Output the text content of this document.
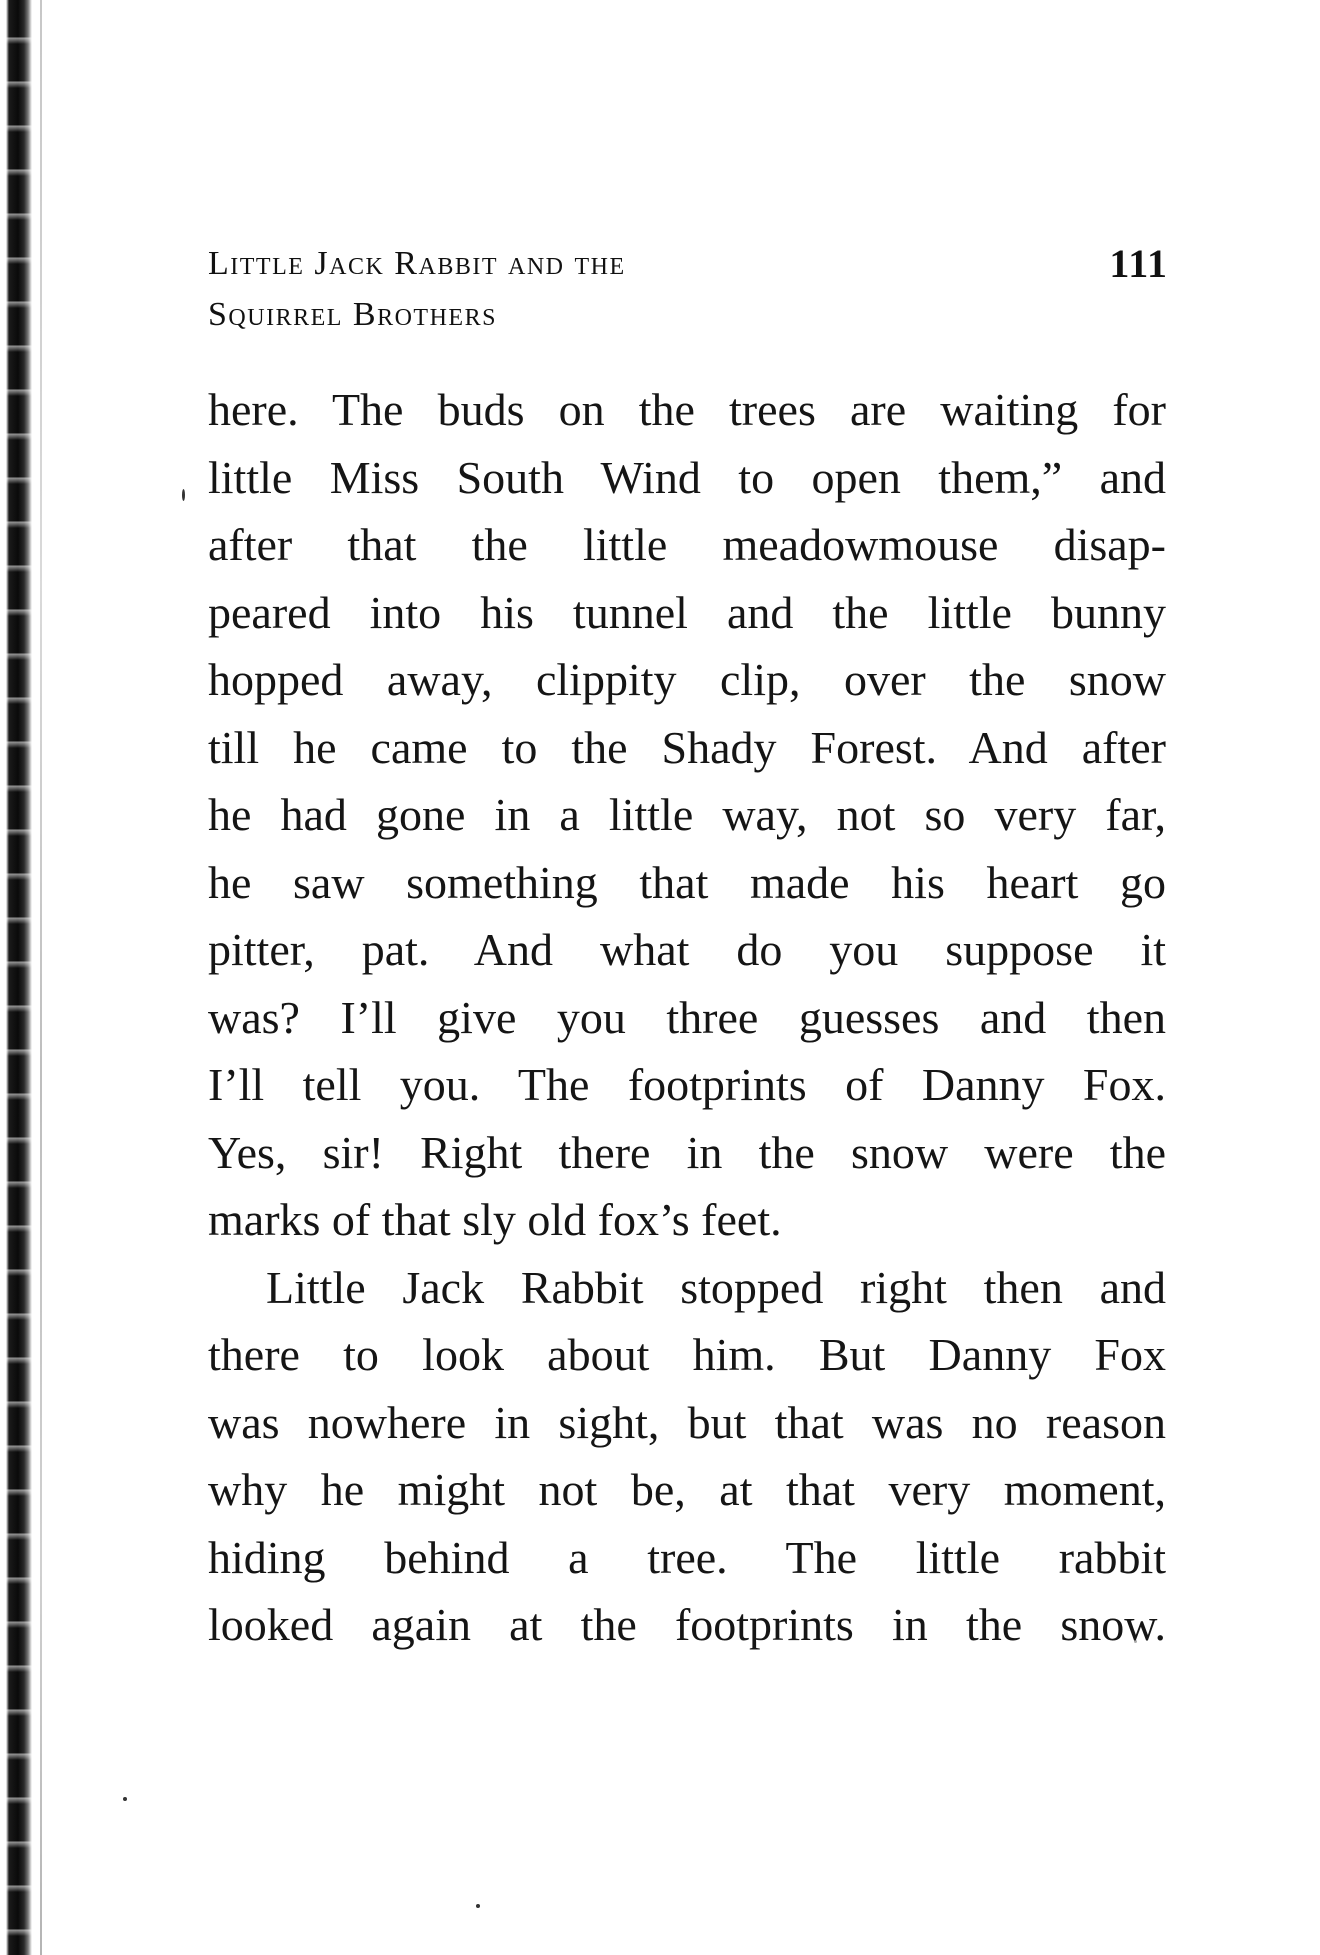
Little Jack Rabbit and the
Squirrel Brothers
111
here. The buds on the trees are waiting for
little Miss South Wind to open them,” and
after that the little meadowmouse disap-
peared into his tunnel and the little bunny
hopped away, clippity clip, over the snow
till he came to the Shady Forest. And after
he had gone in a little way, not so very far,
he saw something that made his heart go
pitter, pat. And what do you suppose it
was? I’ll give you three guesses and then
I’ll tell you. The footprints of Danny Fox.
Yes, sir! Right there in the snow were the
marks of that sly old fox’s feet.
Little Jack Rabbit stopped right then and
there to look about him. But Danny Fox
was nowhere in sight, but that was no reason
why he might not be, at that very moment,
hiding behind a tree. The little rabbit
looked again at the footprints in the snow.
